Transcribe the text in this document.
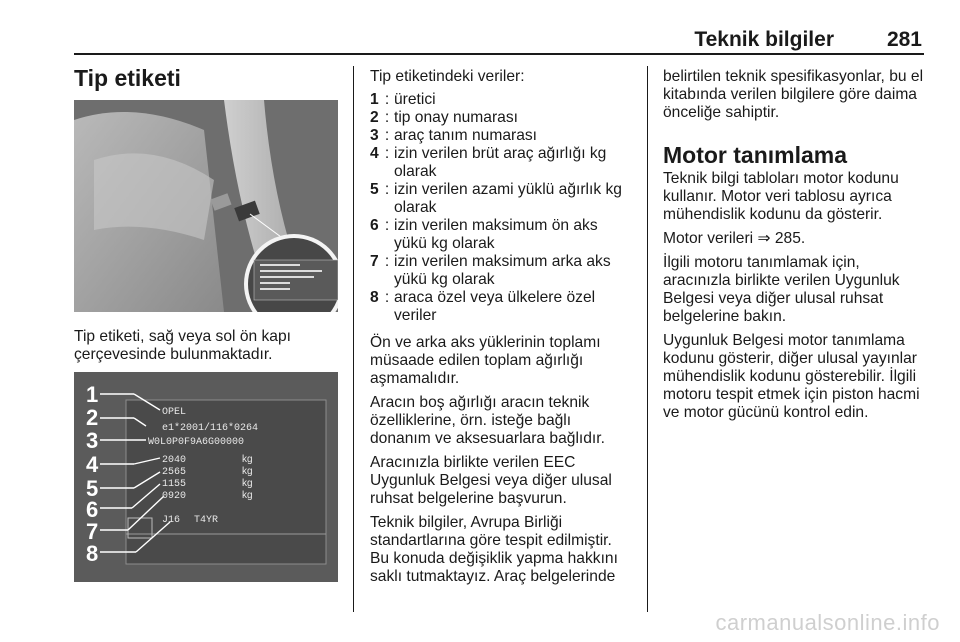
Teknik bilgiler	281
Tip etiketi
Tip etiketi, sağ veya sol ön kapı çerçevesinde bulunmaktadır.
1
2
3
4
5
6
7
8
OPEL
e1*2001/116*0264
W0L0P0F9A6G00000
2040
2565
1155
0920
J16 T4YR
kg
kg
kg
kg
Tip etiketindeki veriler:
1 : üretici
2 : tip onay numarası
3 : araç tanım numarası
4 : izin verilen brüt araç ağırlığı kg olarak
5 : izin verilen azami yüklü ağırlık kg olarak
6 : izin verilen maksimum ön aks yükü kg olarak
7 : izin verilen maksimum arka aks yükü kg olarak
8 : araca özel veya ülkelere özel veriler

Ön ve arka aks yüklerinin toplamı müsaade edilen toplam ağırlığı aşmamalıdır.

Aracın boş ağırlığı aracın teknik özelliklerine, örn. isteğe bağlı donanım ve aksesuarlara bağlıdır.

Aracınızla birlikte verilen EEC Uygunluk Belgesi veya diğer ulusal ruhsat belgelerine başvurun.

Teknik bilgiler, Avrupa Birliği standartlarına göre tespit edilmiştir. Bu konuda değişiklik yapma hakkını saklı tutmaktayız. Araç belgelerinde

belirtilen teknik spesifikasyonlar, bu el kitabında verilen bilgilere göre daima önceliğe sahiptir.
Motor tanımlama

Teknik bilgi tabloları motor kodunu kullanır. Motor veri tablosu ayrıca mühendislik kodunu da gösterir.

Motor verileri ⇒ 285.

İlgili motoru tanımlamak için, aracınızla birlikte verilen Uygunluk Belgesi veya diğer ulusal ruhsat belgelerine bakın.

Uygunluk Belgesi motor tanımlama kodunu gösterir, diğer ulusal yayınlar mühendislik kodunu gösterebilir. İlgili motoru tespit etmek için piston hacmi ve motor gücünü kontrol edin.

carmanualsonline.info
